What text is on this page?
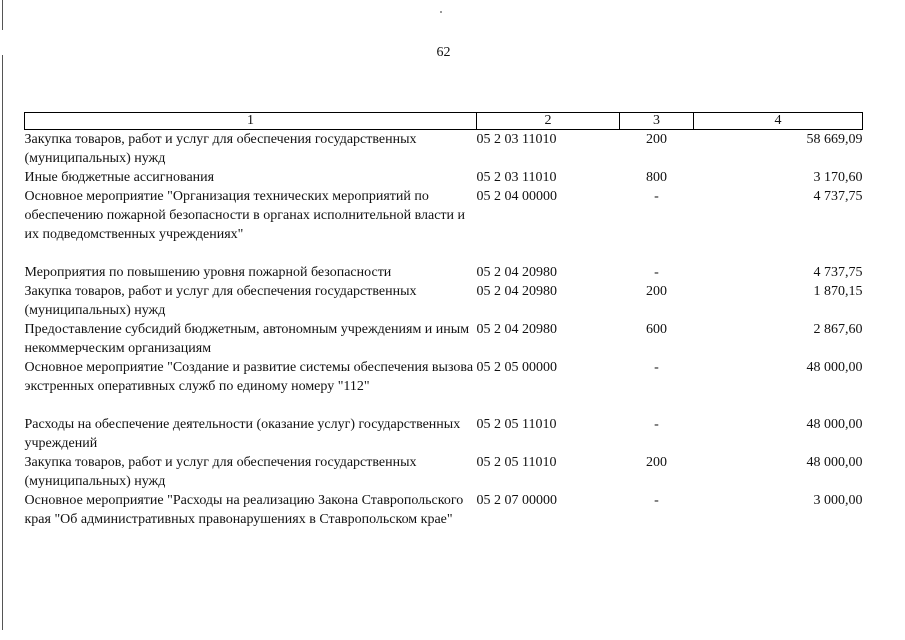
62
1	2	3	4
Закупка товаров, работ и услуг для обеспечения государственных (муниципальных) нужд	05 2 03 11010	200	58 669,09
Иные бюджетные ассигнования	05 2 03 11010	800	3 170,60
Основное мероприятие "Организация технических мероприятий по обеспечению пожарной безопасности в органах исполнительной власти и их подведомственных учреждениях"	05 2 04 00000	-	4 737,75
Мероприятия по повышению уровня пожарной безопасности	05 2 04 20980	-	4 737,75
Закупка товаров, работ и услуг для обеспечения государственных (муниципальных) нужд	05 2 04 20980	200	1 870,15
Предоставление субсидий бюджетным, автономным учреждениям и иным некоммерческим организациям	05 2 04 20980	600	2 867,60
Основное мероприятие "Создание и развитие системы обеспечения вызова экстренных оперативных служб по единому номеру "112"	05 2 05 00000	-	48 000,00
Расходы на обеспечение деятельности (оказание услуг) государственных учреждений	05 2 05 11010	-	48 000,00
Закупка товаров, работ и услуг для обеспечения государственных (муниципальных) нужд	05 2 05 11010	200	48 000,00
Основное мероприятие "Расходы на реализацию Закона Ставропольского края "Об административных правонарушениях в Ставропольском крае"	05 2 07 00000	-	3 000,00
